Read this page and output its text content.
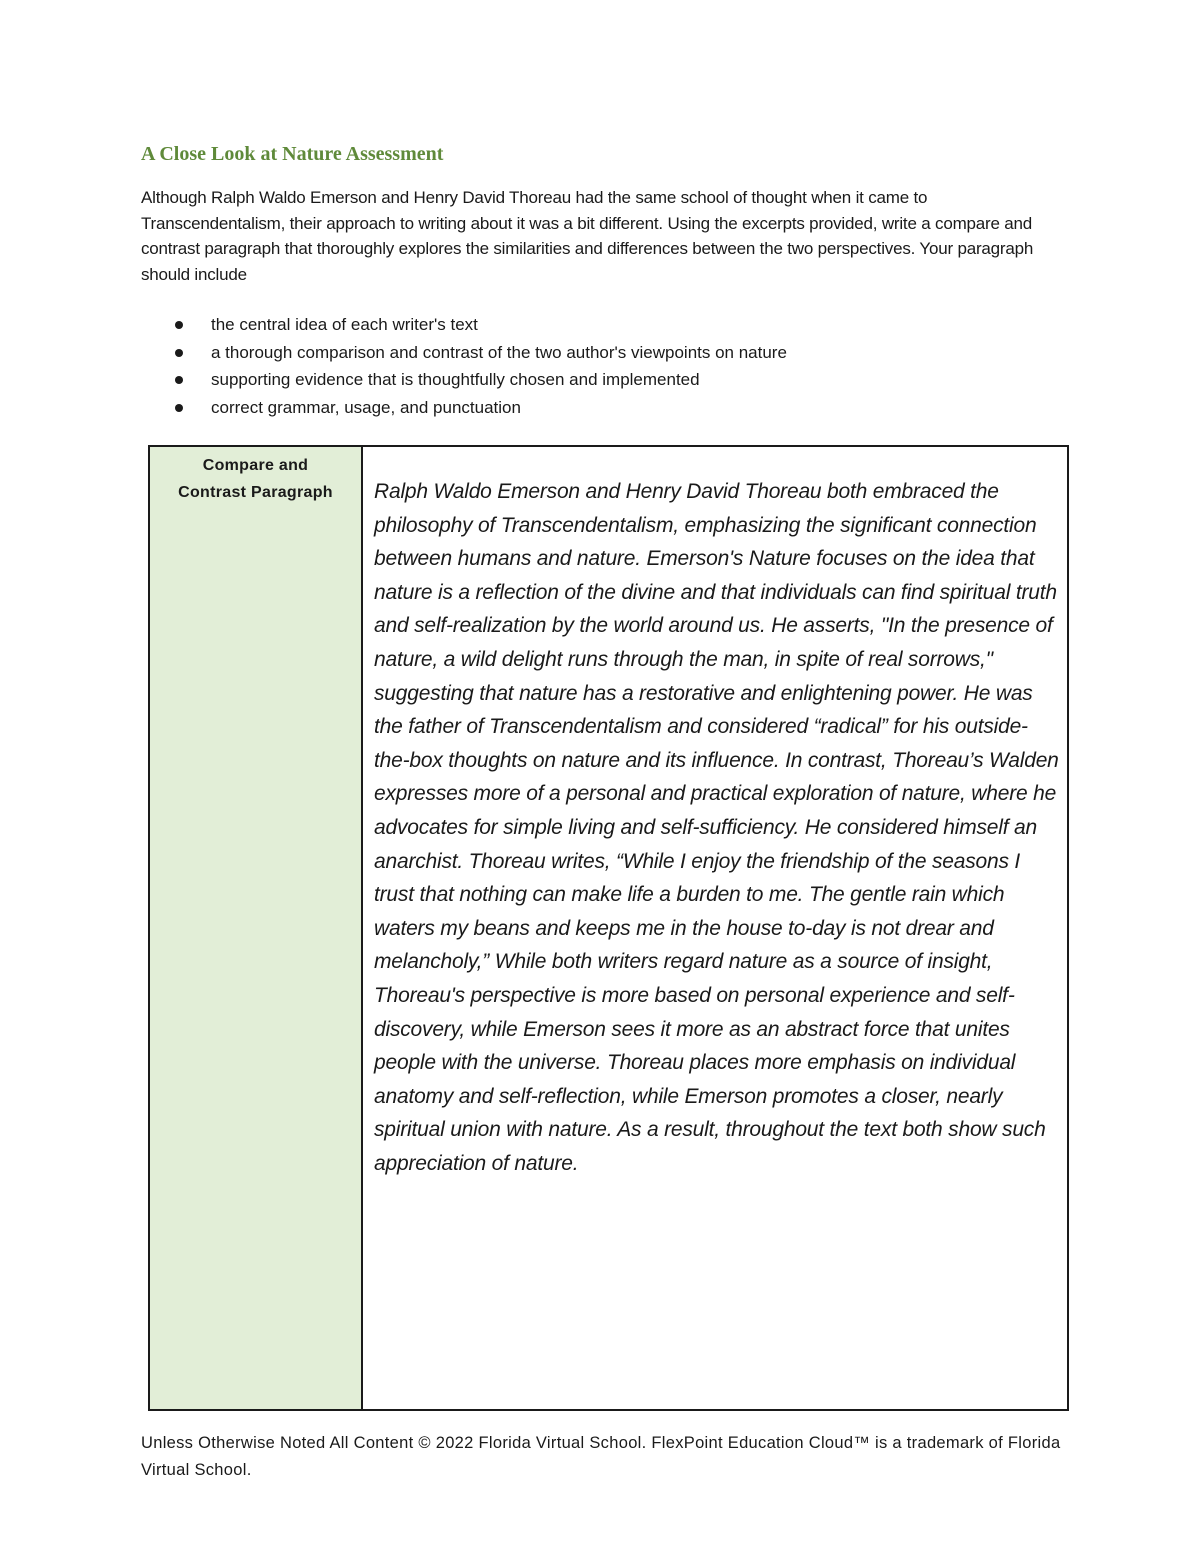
A Close Look at Nature Assessment

Although Ralph Waldo Emerson and Henry David Thoreau had the same school of thought when it came to Transcendentalism, their approach to writing about it was a bit different. Using the excerpts provided, write a compare and contrast paragraph that thoroughly explores the similarities and differences between the two perspectives. Your paragraph should include

the central idea of each writer's text
a thorough comparison and contrast of the two author's viewpoints on nature
supporting evidence that is thoughtfully chosen and implemented
correct grammar, usage, and punctuation
Compare and
Contrast Paragraph	Ralph Waldo Emerson and Henry David Thoreau both embraced the philosophy of Transcendentalism, emphasizing the significant connection between humans and nature. Emerson's Nature focuses on the idea that nature is a reflection of the divine and that individuals can find spiritual truth and self-realization by the world around us. He asserts, "In the presence of nature, a wild delight runs through the man, in spite of real sorrows," suggesting that nature has a restorative and enlightening power. He was the father of Transcendentalism and considered “radical” for his outside-the-box thoughts on nature and its influence. In contrast, Thoreau’s Walden expresses more of a personal and practical exploration of nature, where he advocates for simple living and self-sufficiency. He considered himself an anarchist. Thoreau writes, “While I enjoy the friendship of the seasons I trust that nothing can make life a burden to me. The gentle rain which waters my beans and keeps me in the house to-day is not drear and melancholy,” While both writers regard nature as a source of insight, Thoreau's perspective is more based on personal experience and self-discovery, while Emerson sees it more as an abstract force that unites people with the universe. Thoreau places more emphasis on individual anatomy and self-reflection, while Emerson promotes a closer, nearly spiritual union with nature. As a result, throughout the text both show such appreciation of nature.

Unless Otherwise Noted All Content © 2022 Florida Virtual School. FlexPoint Education Cloud™ is a trademark of Florida Virtual School.
